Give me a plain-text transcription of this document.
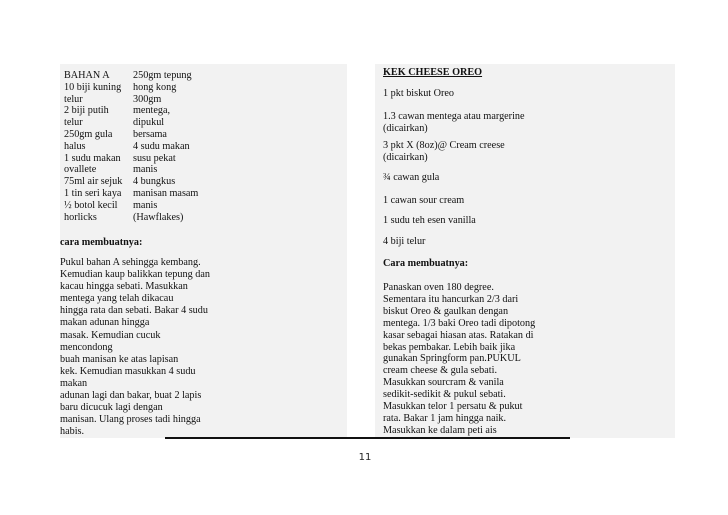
BAHAN A
10 biji kuning
telur
2 biji putih
telur
250gm gula
halus
1 sudu makan
ovallete
75ml air sejuk
1 tin seri kaya
½ botol kecil
horlicks
250gm tepung
hong kong
300gm
mentega,
dipukul
bersama
4 sudu makan
susu pekat
manis
4 bungkus
manisan masam
manis
(Hawflakes)
cara membuatnya:
Pukul bahan A sehingga kembang.
Kemudian kaup balikkan tepung dan
kacau hingga sebati. Masukkan
mentega yang telah dikacau
hingga rata dan sebati. Bakar 4 sudu
makan adunan hingga
masak. Kemudian cucuk
mencondong
buah manisan ke atas lapisan
kek. Kemudian masukkan 4 sudu
makan
adunan lagi dan bakar, buat 2 lapis
baru dicucuk lagi dengan
manisan. Ulang proses tadi hingga
habis.
KEK CHEESE OREO
1 pkt biskut Oreo
1.3 cawan mentega atau margerine
(dicairkan)
3 pkt X (8oz)@ Cream creese
(dicairkan)
¾ cawan gula
1 cawan sour cream
1 sudu teh esen vanilla
4 biji telur
Cara membuatnya:
Panaskan oven 180 degree.
Sementara itu hancurkan 2/3 dari
biskut Oreo & gaulkan dengan
mentega. 1/3 baki Oreo tadi dipotong
kasar sebagai hiasan atas. Ratakan di
bekas pembakar. Lebih baik jika
gunakan Springform pan.PUKUL
cream cheese & gula sebati.
Masukkan sourcram & vanila
sedikit-sedikit & pukul sebati.
Masukkan telor 1 persatu & pukut
rata. Bakar 1 jam hingga naik.
Masukkan ke dalam peti ais
11
